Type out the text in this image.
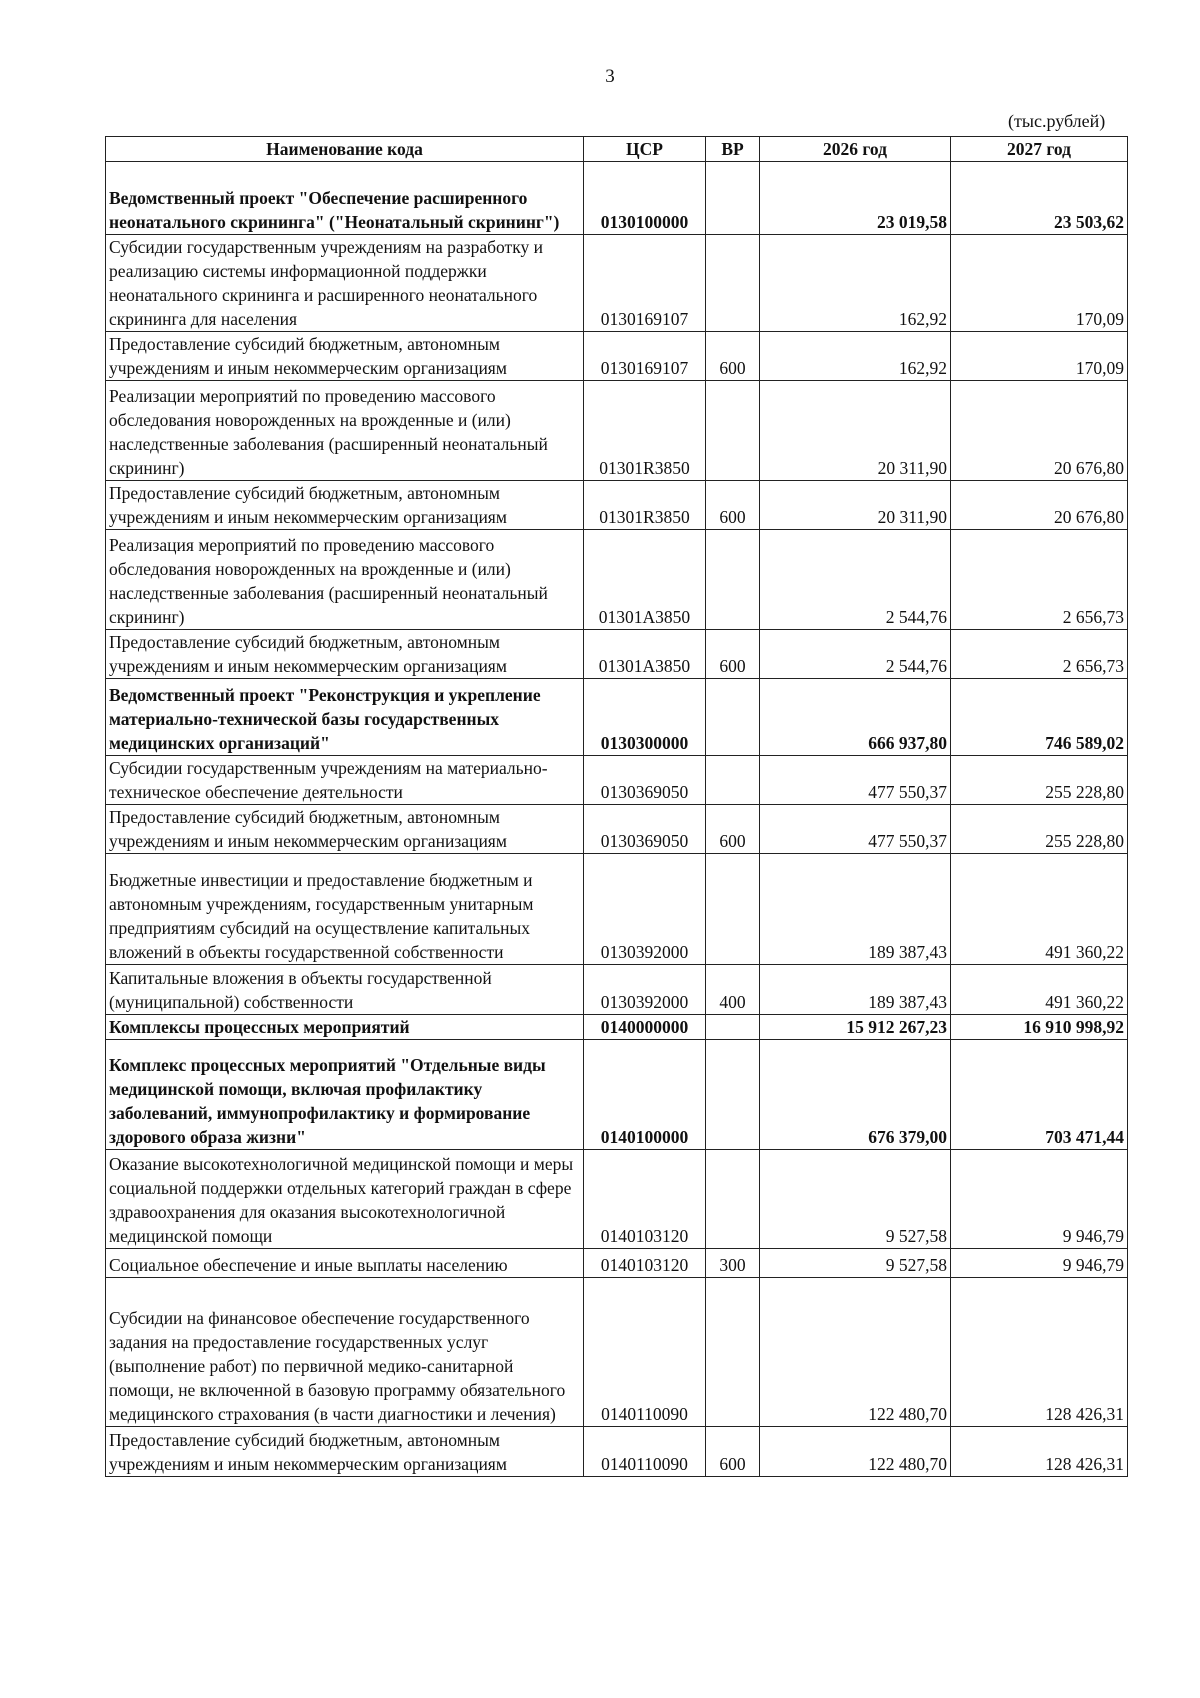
3
(тыс.рублей)
Наименование кода	ЦСР	ВР	2026 год	2027 год
Ведомственный проект "Обеспечение расширенного неонатального скрининга" ("Неонатальный скрининг")	0130100000		23 019,58	23 503,62
Субсидии государственным учреждениям на разработку и реализацию системы информационной поддержки неонатального скрининга и расширенного неонатального скрининга для населения	0130169107		162,92	170,09
Предоставление субсидий бюджетным, автономным учреждениям и иным некоммерческим организациям	0130169107	600	162,92	170,09
Реализации мероприятий по проведению массового обследования новорожденных на врожденные и (или) наследственные заболевания (расширенный неонатальный скрининг)	01301R3850		20 311,90	20 676,80
Предоставление субсидий бюджетным, автономным учреждениям и иным некоммерческим организациям	01301R3850	600	20 311,90	20 676,80
Реализация мероприятий по проведению массового обследования новорожденных на врожденные и (или) наследственные заболевания (расширенный неонатальный скрининг)	01301A3850		2 544,76	2 656,73
Предоставление субсидий бюджетным, автономным учреждениям и иным некоммерческим организациям	01301A3850	600	2 544,76	2 656,73
Ведомственный проект "Реконструкция и укрепление материально-технической базы государственных медицинских организаций"	0130300000		666 937,80	746 589,02
Субсидии государственным учреждениям на материально-техническое обеспечение деятельности	0130369050		477 550,37	255 228,80
Предоставление субсидий бюджетным, автономным учреждениям и иным некоммерческим организациям	0130369050	600	477 550,37	255 228,80
Бюджетные инвестиции и предоставление бюджетным и автономным учреждениям, государственным унитарным предприятиям субсидий на осуществление капитальных вложений в объекты государственной собственности	0130392000		189 387,43	491 360,22
Капитальные вложения в объекты государственной (муниципальной) собственности	0130392000	400	189 387,43	491 360,22
Комплексы процессных мероприятий	0140000000		15 912 267,23	16 910 998,92
Комплекс процессных мероприятий "Отдельные виды медицинской помощи, включая профилактику заболеваний, иммунопрофилактику и формирование здорового образа жизни"	0140100000		676 379,00	703 471,44
Оказание высокотехнологичной медицинской помощи и меры социальной поддержки отдельных категорий граждан в сфере здравоохранения для оказания высокотехнологичной медицинской помощи	0140103120		9 527,58	9 946,79
Социальное обеспечение и иные выплаты населению	0140103120	300	9 527,58	9 946,79
Субсидии на финансовое обеспечение государственного задания на предоставление государственных услуг (выполнение работ) по первичной медико-санитарной помощи, не включенной в базовую программу обязательного медицинского страхования (в части диагностики и лечения)	0140110090		122 480,70	128 426,31
Предоставление субсидий бюджетным, автономным учреждениям и иным некоммерческим организациям	0140110090	600	122 480,70	128 426,31
